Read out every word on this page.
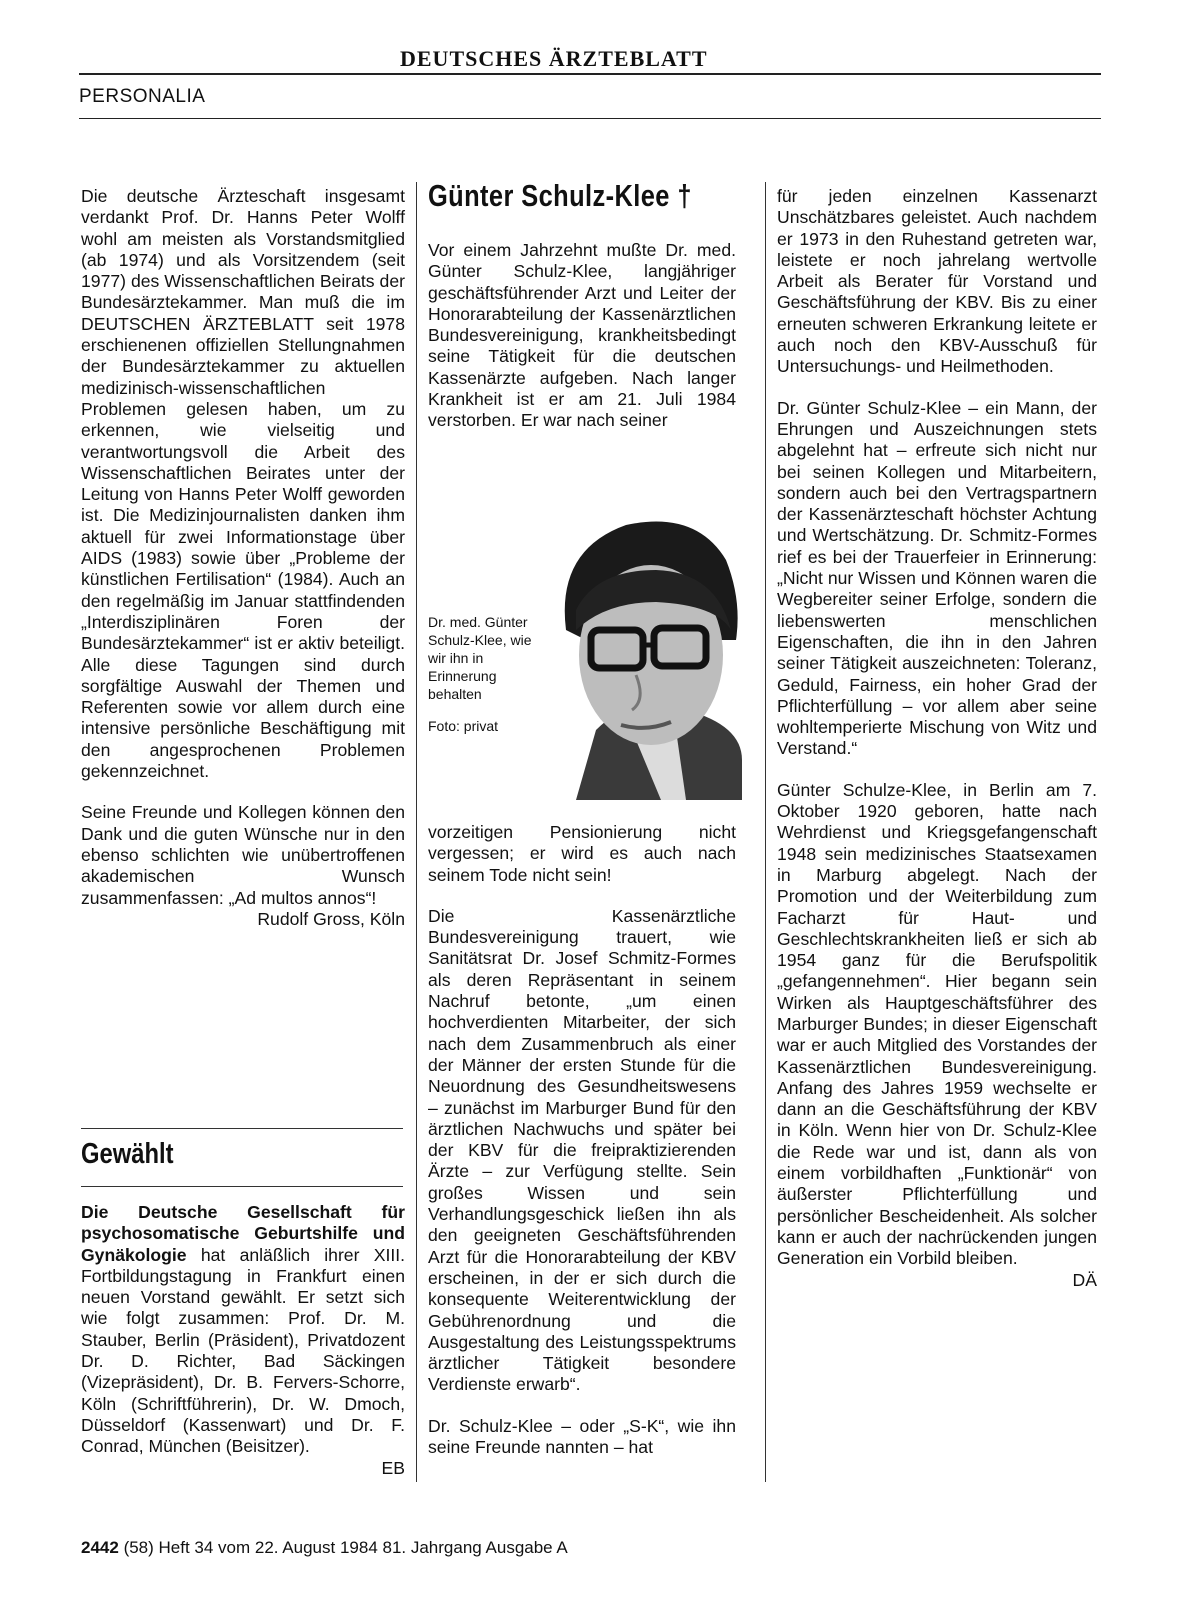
DEUTSCHES ÄRZTEBLATT
PERSONALIA

Die deutsche Ärzteschaft insgesamt verdankt Prof. Dr. Hanns Peter Wolff wohl am meisten als Vorstandsmitglied (ab 1974) und als Vorsitzendem (seit 1977) des Wissenschaftlichen Beirats der Bundesärztekammer. Man muß die im DEUTSCHEN ÄRZTEBLATT seit 1978 erschienenen offiziellen Stellungnahmen der Bundesärztekammer zu aktuellen medizinisch-wissenschaftlichen Problemen gelesen haben, um zu erkennen, wie vielseitig und verantwortungsvoll die Arbeit des Wissenschaftlichen Beirates unter der Leitung von Hanns Peter Wolff geworden ist. Die Medizinjournalisten danken ihm aktuell für zwei Informationstage über AIDS (1983) sowie über „Probleme der künstlichen Fertilisation“ (1984). Auch an den regelmäßig im Januar stattfindenden „Interdisziplinären Foren der Bundesärztekammer“ ist er aktiv beteiligt. Alle diese Tagungen sind durch sorgfältige Auswahl der Themen und Referenten sowie vor allem durch eine intensive persönliche Beschäftigung mit den angesprochenen Problemen gekennzeichnet.

Seine Freunde und Kollegen können den Dank und die guten Wünsche nur in den ebenso schlichten wie unübertroffenen akademischen Wunsch zusammenfassen: „Ad multos annos“!

Rudolf Gross, Köln
Gewählt
Die Deutsche Gesellschaft für psychosomatische Geburtshilfe und Gynäkologie hat anläßlich ihrer XIII. Fortbildungstagung in Frankfurt einen neuen Vorstand gewählt. Er setzt sich wie folgt zusammen: Prof. Dr. M. Stauber, Berlin (Präsident), Privatdozent Dr. D. Richter, Bad Säckingen (Vizepräsident), Dr. B. Fervers-Schorre, Köln (Schriftführerin), Dr. W. Dmoch, Düsseldorf (Kassenwart) und Dr. F. Conrad, München (Beisitzer).
EB
Günter Schulz-Klee †

Vor einem Jahrzehnt mußte Dr. med. Günter Schulz-Klee, langjähriger geschäftsführender Arzt und Leiter der Honorarabteilung der Kassenärztlichen Bundesvereinigung, krankheitsbedingt seine Tätigkeit für die deutschen Kassenärzte aufgeben. Nach langer Krankheit ist er am 21. Juli 1984 verstorben. Er war nach seiner

Dr. med. Günter Schulz-Klee, wie wir ihn in Erinnerung behalten

Foto: privat

vorzeitigen Pensionierung nicht vergessen; er wird es auch nach seinem Tode nicht sein!

Die Kassenärztliche Bundesvereinigung trauert, wie Sanitätsrat Dr. Josef Schmitz-Formes als deren Repräsentant in seinem Nachruf betonte, „um einen hochverdienten Mitarbeiter, der sich nach dem Zusammenbruch als einer der Männer der ersten Stunde für die Neuordnung des Gesundheitswesens – zunächst im Marburger Bund für den ärztlichen Nachwuchs und später bei der KBV für die freipraktizierenden Ärzte – zur Verfügung stellte. Sein großes Wissen und sein Verhandlungsgeschick ließen ihn als den geeigneten Geschäftsführenden Arzt für die Honorarabteilung der KBV erscheinen, in der er sich durch die konsequente Weiterentwicklung der Gebührenordnung und die Ausgestaltung des Leistungsspektrums ärztlicher Tätigkeit besondere Verdienste erwarb“.

Dr. Schulz-Klee – oder „S-K“, wie ihn seine Freunde nannten – hat

für jeden einzelnen Kassenarzt Unschätzbares geleistet. Auch nachdem er 1973 in den Ruhestand getreten war, leistete er noch jahrelang wertvolle Arbeit als Berater für Vorstand und Geschäftsführung der KBV. Bis zu einer erneuten schweren Erkrankung leitete er auch noch den KBV-Ausschuß für Untersuchungs- und Heilmethoden.

Dr. Günter Schulz-Klee – ein Mann, der Ehrungen und Auszeichnungen stets abgelehnt hat – erfreute sich nicht nur bei seinen Kollegen und Mitarbeitern, sondern auch bei den Vertragspartnern der Kassenärzteschaft höchster Achtung und Wertschätzung. Dr. Schmitz-Formes rief es bei der Trauerfeier in Erinnerung: „Nicht nur Wissen und Können waren die Wegbereiter seiner Erfolge, sondern die liebenswerten menschlichen Eigenschaften, die ihn in den Jahren seiner Tätigkeit auszeichneten: Toleranz, Geduld, Fairness, ein hoher Grad der Pflichterfüllung – vor allem aber seine wohltemperierte Mischung von Witz und Verstand.“

Günter Schulze-Klee, in Berlin am 7. Oktober 1920 geboren, hatte nach Wehrdienst und Kriegsgefangenschaft 1948 sein medizinisches Staatsexamen in Marburg abgelegt. Nach der Promotion und der Weiterbildung zum Facharzt für Haut- und Geschlechtskrankheiten ließ er sich ab 1954 ganz für die Berufspolitik „gefangennehmen“. Hier begann sein Wirken als Hauptgeschäftsführer des Marburger Bundes; in dieser Eigenschaft war er auch Mitglied des Vorstandes der Kassenärztlichen Bundesvereinigung. Anfang des Jahres 1959 wechselte er dann an die Geschäftsführung der KBV in Köln. Wenn hier von Dr. Schulz-Klee die Rede war und ist, dann als von einem vorbildhaften „Funktionär“ von äußerster Pflichterfüllung und persönlicher Bescheidenheit. Als solcher kann er auch der nachrückenden jungen Generation ein Vorbild bleiben.

DÄ
2442 (58) Heft 34 vom 22. August 1984 81. Jahrgang Ausgabe A
